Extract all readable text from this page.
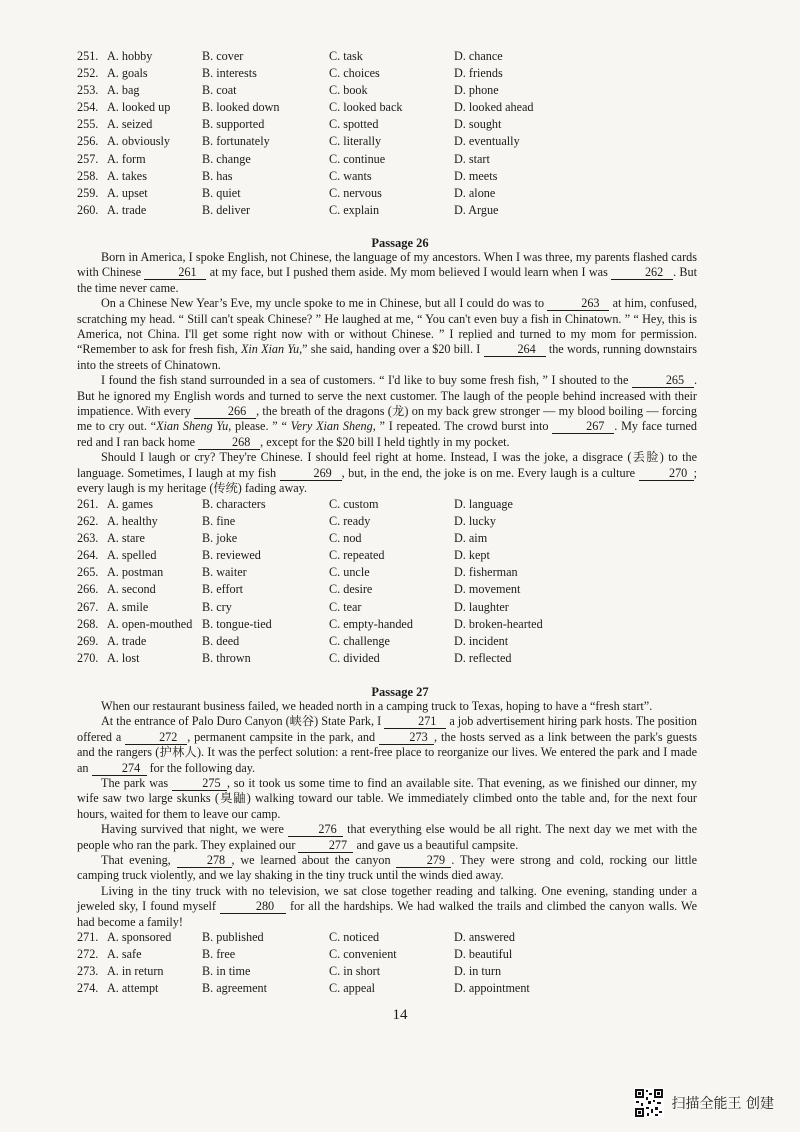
251. A. hobby	B. cover	C. task	D. chance
252. A. goals	B. interests	C. choices	D. friends
253. A. bag	B. coat	C. book	D. phone
254. A. looked up	B. looked down	C. looked back	D. looked ahead
255. A. seized	B. supported	C. spotted	D. sought
256. A. obviously	B. fortunately	C. literally	D. eventually
257. A. form	B. change	C. continue	D. start
258. A. takes	B. has	C. wants	D. meets
259. A. upset	B. quiet	C. nervous	D. alone
260. A. trade	B. deliver	C. explain	D. Argue
Passage 26

Born in America, I spoke English, not Chinese, the language of my ancestors. When I was three, my parents flashed cards with Chinese	261 at my face, but I pushed them aside. My mom believed I would learn when I was	262 . But the time never came.

On a Chinese New Year’s Eve, my uncle spoke to me in Chinese, but all I could do was to	263 at him, confused, scratching my head. “ Still can't speak Chinese? ” He laughed at me, “ You can't even buy a fish in Chinatown. ” “ Hey, this is America, not China. I'll get some right now with or without Chinese. ” I replied and turned to my mom for permission. “Remember to ask for fresh fish, Xin Xian Yu,” she said, handing over a $20 bill. I	264 the words, running downstairs into the streets of Chinatown.

I found the fish stand surrounded in a sea of customers. “ I'd like to buy some fresh fish, ” I shouted to the	265 . But he ignored my English words and turned to serve the next customer. The laugh of the people behind increased with their impatience. With every	266 , the breath of the dragons (龙) on my back grew stronger — my blood boiling — forcing me to cry out. “Xian Sheng Yu, please. ” “ Very Xian Sheng, ” I repeated. The crowd burst into	267 . My face turned red and I ran back home	268 , except for the $20 bill I held tightly in my pocket.

Should I laugh or cry? They're Chinese. I should feel right at home. Instead, I was the joke, a disgrace (丢脸) to the language. Sometimes, I laugh at my fish	269 , but, in the end, the joke is on me. Every laugh is a culture 270 ; every laugh is my heritage (传统) fading away.

261. A. games	B. characters	C. custom	D. language
262. A. healthy	B. fine	C. ready	D. lucky
263. A. stare	B. joke	C. nod	D. aim
264. A. spelled	B. reviewed	C. repeated	D. kept
265. A. postman	B. waiter	C. uncle	D. fisherman
266. A. second	B. effort	C. desire	D. movement
267. A. smile	B. cry	C. tear	D. laughter
268. A. open-mouthed B. tongue-tied	C. empty-handed	D. broken-hearted
269. A. trade	B. deed	C. challenge	D. incident
270. A. lost	B. thrown	C. divided	D. reflected
Passage 27

When our restaurant business failed, we headed north in a camping truck to Texas, hoping to have a “fresh start”.

At the entrance of Palo Duro Canyon (峡谷) State Park, I	271 a job advertisement hiring park hosts. The position offered a	272 , permanent campsite in the park, and 273 , the hosts served as a link between the park's guests and the rangers (护林人). It was the perfect solution: a rent-free place to reorganize our lives. We entered the park and I made an 274 for the following day.

The park was 275 , so it took us some time to find an available site. That evening, as we finished our dinner, my wife saw two large skunks (臭鼬) walking toward our table. We immediately climbed onto the table and, for the next four hours, waited for them to leave our camp.

Having survived that night, we were 276 that everything else would be all right. The next day we met with the people who ran the park. They explained our 277 and gave us a beautiful campsite.

That evening, 278 , we learned about the canyon 279 . They were strong and cold, rocking our little camping truck violently, and we lay shaking in the tiny truck until the winds died away.

Living in the tiny truck with no television, we sat close together reading and talking. One evening, standing under a jeweled sky, I found myself	280 for all the hardships. We had walked the trails and climbed the canyon walls. We had become a family!

271. A. sponsored	B. published	C. noticed	D. answered
272. A. safe	B. free	C. convenient	D. beautiful
273. A. in return	B. in time	C. in short	D. in turn
274. A. attempt	B. agreement	C. appeal	D. appointment
14
扫描全能王 创建
